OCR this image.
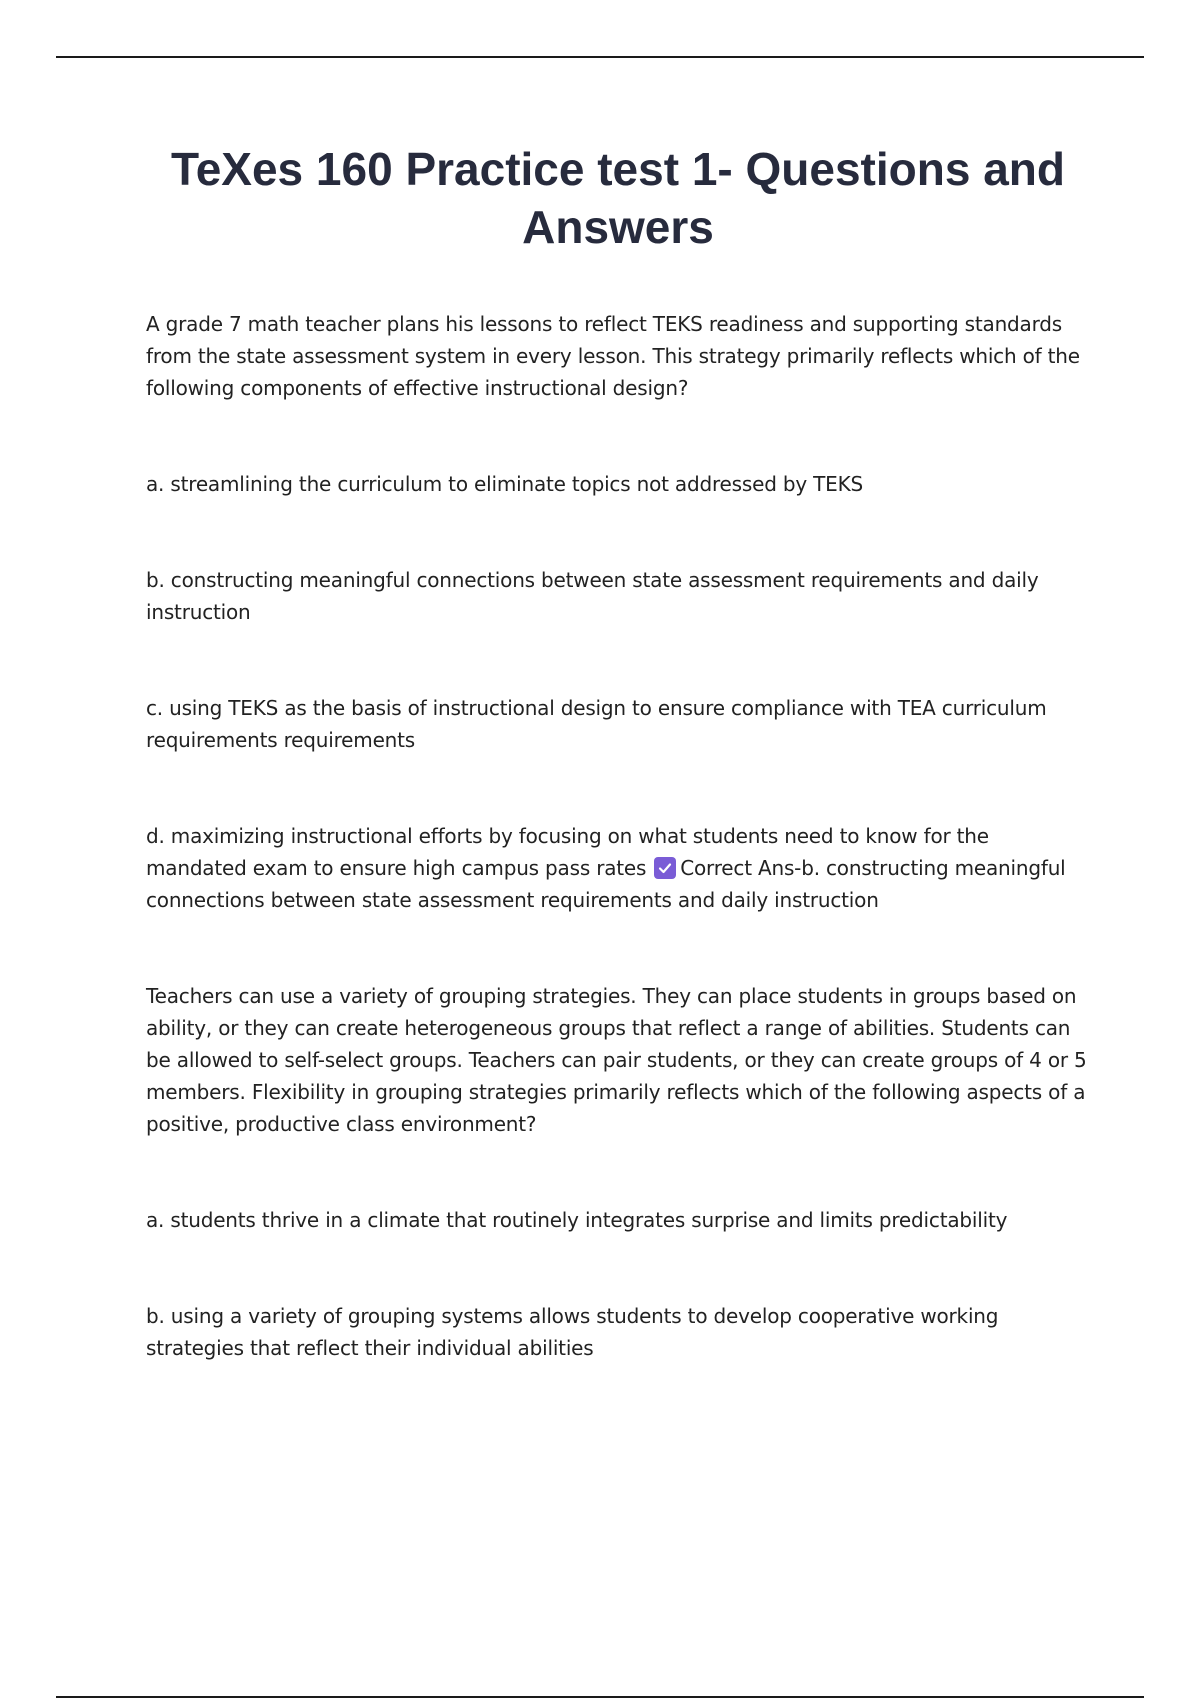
TeXes 160 Practice test 1- Questions and Answers

A grade 7 math teacher plans his lessons to reflect TEKS readiness and supporting standards from the state assessment system in every lesson. This strategy primarily reflects which of the following components of effective instructional design?

a. streamlining the curriculum to eliminate topics not addressed by TEKS

b. constructing meaningful connections between state assessment requirements and daily instruction

c. using TEKS as the basis of instructional design to ensure compliance with TEA curriculum requirements requirements

d. maximizing instructional efforts by focusing on what students need to know for the mandated exam to ensure high campus pass rates Correct Ans-b. constructing meaningful connections between state assessment requirements and daily instruction

Teachers can use a variety of grouping strategies. They can place students in groups based on ability, or they can create heterogeneous groups that reflect a range of abilities. Students can be allowed to self-select groups. Teachers can pair students, or they can create groups of 4 or 5 members. Flexibility in grouping strategies primarily reflects which of the following aspects of a positive, productive class environment?

a. students thrive in a climate that routinely integrates surprise and limits predictability

b. using a variety of grouping systems allows students to develop cooperative working strategies that reflect their individual abilities
